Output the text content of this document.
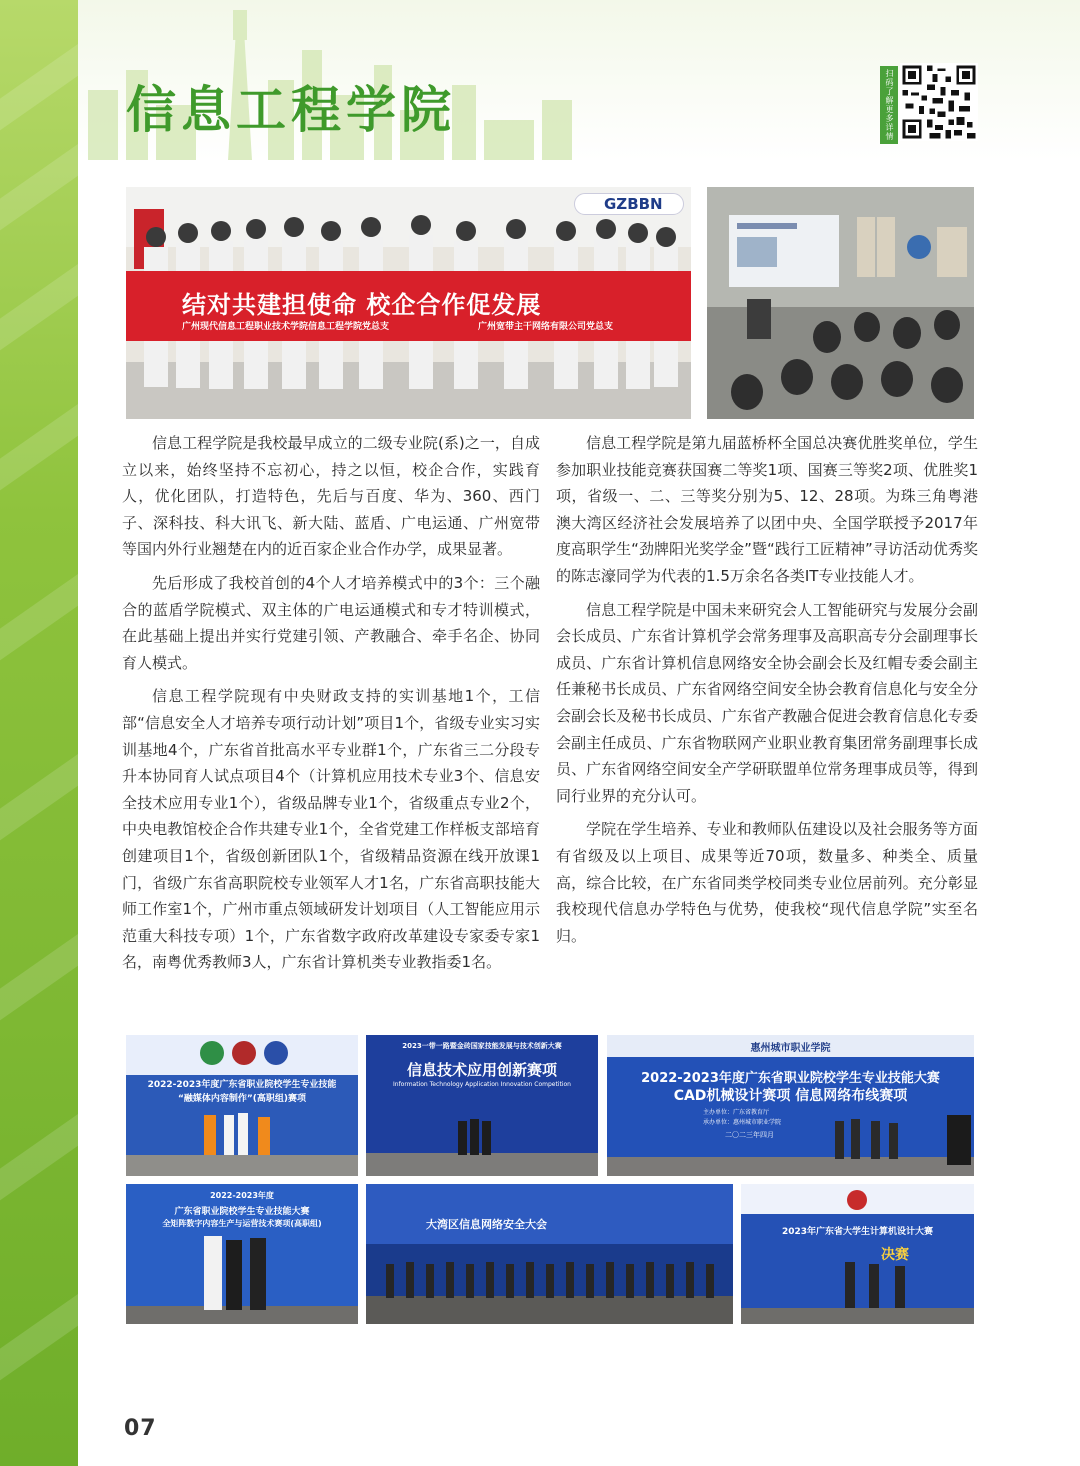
信息工程学院	扫码了解更多详情
GZBBN
结对共建担使命 校企合作促发展
广州现代信息工程职业技术学院信息工程学院党总支	广州宽带主干网络有限公司党总支

信息工程学院是我校最早成立的二级专业院(系)之一，自成立以来，始终坚持不忘初心，持之以恒，校企合作，实践育人，优化团队，打造特色，先后与百度、华为、360、西门子、深科技、科大讯飞、新大陆、蓝盾、广电运通、广州宽带等国内外行业翘楚在内的近百家企业合作办学，成果显著。

先后形成了我校首创的4个人才培养模式中的3个：三个融合的蓝盾学院模式、双主体的广电运通模式和专才特训模式，在此基础上提出并实行党建引领、产教融合、牵手名企、协同育人模式。

信息工程学院现有中央财政支持的实训基地1个，工信部“信息安全人才培养专项行动计划”项目1个，省级专业实习实训基地4个，广东省首批高水平专业群1个，广东省三二分段专升本协同育人试点项目4个（计算机应用技术专业3个、信息安全技术应用专业1个），省级品牌专业1个，省级重点专业2个，中央电教馆校企合作共建专业1个，全省党建工作样板支部培育创建项目1个，省级创新团队1个，省级精品资源在线开放课1门，省级广东省高职院校专业领军人才1名，广东省高职技能大师工作室1个，广州市重点领域研发计划项目（人工智能应用示范重大科技专项）1个，广东省数字政府改革建设专家委专家1名，南粤优秀教师3人，广东省计算机类专业教指委1名。

信息工程学院是第九届蓝桥杯全国总决赛优胜奖单位，学生参加职业技能竞赛获国赛二等奖1项、国赛三等奖2项、优胜奖1项，省级一、二、三等奖分别为5、12、28项。为珠三角粤港澳大湾区经济社会发展培养了以团中央、全国学联授予2017年度高职学生“劲牌阳光奖学金”暨“践行工匠精神”寻访活动优秀奖的陈志濠同学为代表的1.5万余名各类IT专业技能人才。

信息工程学院是中国未来研究会人工智能研究与发展分会副会长成员、广东省计算机学会常务理事及高职高专分会副理事长成员、广东省计算机信息网络安全协会副会长及红帽专委会副主任兼秘书长成员、广东省网络空间安全协会教育信息化与安全分会副会长及秘书长成员、广东省产教融合促进会教育信息化专委会副主任成员、广东省物联网产业职业教育集团常务副理事长成员、广东省网络空间安全产学研联盟单位常务理事成员等，得到同行业界的充分认可。

学院在学生培养、专业和教师队伍建设以及社会服务等方面有省级及以上项目、成果等近70项，数量多、种类全、质量高，综合比较，在广东省同类学校同类专业位居前列。充分彰显我校现代信息办学特色与优势，使我校“现代信息学院”实至名归。

2022-2023年度广东省职业院校学生专业技能
“融媒体内容制作”(高职组)赛项
2023一带一路暨金砖国家技能发展与技术创新大赛
信息技术应用创新赛项
Information Technology Application Innovation Competition
惠州城市职业学院
2022-2023年度广东省职业院校学生专业技能大赛
CAD机械设计赛项 信息网络布线赛项
主办单位：广东省教育厅
承办单位：惠州城市职业学院
二〇二三年四月
2022-2023年度
广东省职业院校学生专业技能大赛
全矩阵数字内容生产与运营技术赛项(高职组)	大湾区信息网络安全大会
2023年广东省大学生计算机设计大赛
决赛
07
